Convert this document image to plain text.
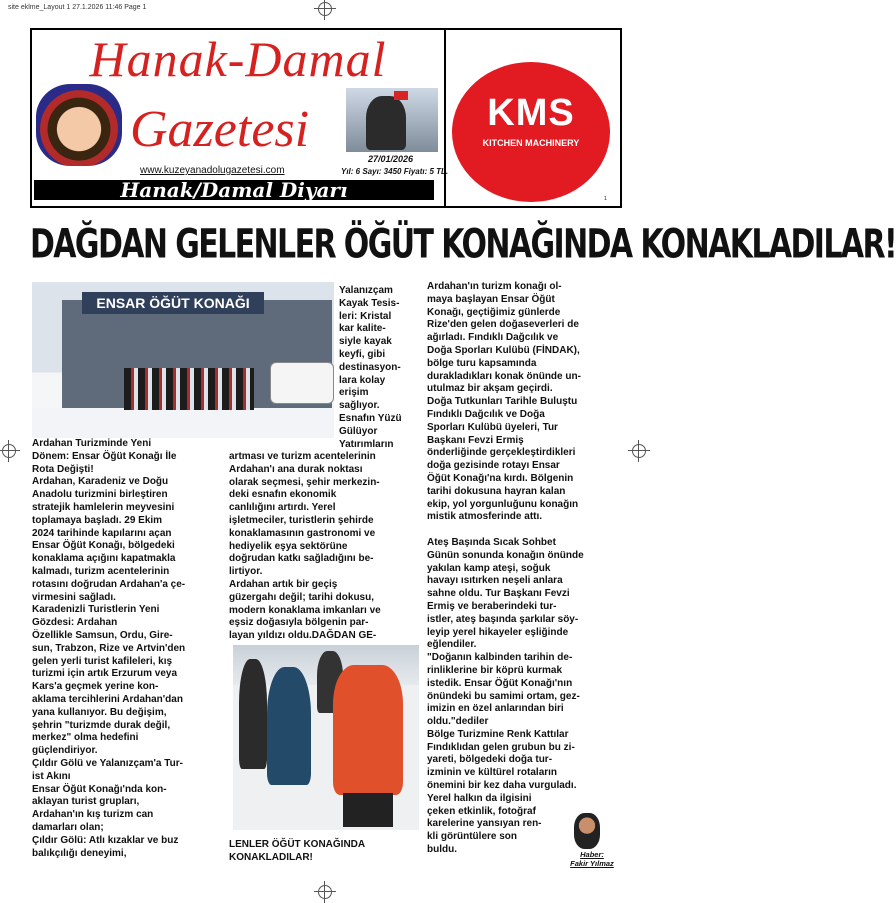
site eklme_Layout 1 27.1.2026 11:46 Page 1
Hanak-Damal
Gazetesi
27/01/2026
www.kuzeyanadolugazetesi.com	Yıl: 6 Sayı: 3450 Fiyatı: 5 TL.
Hanak/Damal Diyarı
KMS
KITCHEN MACHINERY
1
DAĞDAN GELENLER ÖĞÜT KONAĞINDA KONAKLADILAR!
ENSAR ÖĞÜT KONAĞI
Ardahan Turizminde Yeni
Dönem: Ensar Öğüt Konağı İle
Rota Değişti!
Ardahan, Karadeniz ve Doğu
Anadolu turizmini birleştiren
stratejik hamlelerin meyvesini
toplamaya başladı. 29 Ekim
2024 tarihinde kapılarını açan
Ensar Öğüt Konağı, bölgedeki
konaklama açığını kapatmakla
kalmadı, turizm acentelerinin
rotasını doğrudan Ardahan'a çe-
virmesini sağladı.
Karadenizli Turistlerin Yeni
Gözdesi: Ardahan
Özellikle Samsun, Ordu, Gire-
sun, Trabzon, Rize ve Artvin'den
gelen yerli turist kafileleri, kış
turizmi için artık Erzurum veya
Kars'a geçmek yerine kon-
aklama tercihlerini Ardahan'dan
yana kullanıyor. Bu değişim,
şehrin "turizmde durak değil,
merkez" olma hedefini
güçlendiriyor.
Çıldır Gölü ve Yalanızçam'a Tur-
ist Akını
Ensar Öğüt Konağı'nda kon-
aklayan turist grupları,
Ardahan'ın kış turizm can
damarları olan;
Çıldır Gölü: Atlı kızaklar ve buz
balıkçılığı deneyimi,
Yalanızçam
Kayak Tesis-
leri: Kristal
kar kalite-
siyle kayak
keyfi, gibi
destinasyon-
lara kolay
erişim
sağlıyor.
Esnafın Yüzü
Gülüyor
Yatırımların
artması ve turizm acentelerinin
Ardahan'ı ana durak noktası
olarak seçmesi, şehir merkezin-
deki esnafın ekonomik
canlılığını artırdı. Yerel
işletmeciler, turistlerin şehirde
konaklamasının gastronomi ve
hediyelik eşya sektörüne
doğrudan katkı sağladığını be-
lirtiyor.
Ardahan artık bir geçiş
güzergahı değil; tarihi dokusu,
modern konaklama imkanları ve
eşsiz doğasıyla bölgenin par-
layan yıldızı oldu.DAĞDAN GE-
LENLER ÖĞÜT KONAĞINDA
KONAKLADILAR!
Ardahan'ın turizm konağı ol-
maya başlayan Ensar Öğüt
Konağı, geçtiğimiz günlerde
Rize'den gelen doğaseverleri de
ağırladı. Fındıklı Dağcılık ve
Doğa Sporları Kulübü (FİNDAK),
bölge turu kapsamında
durakladıkları konak önünde un-
utulmaz bir akşam geçirdi.
Doğa Tutkunları Tarihle Buluştu
Fındıklı Dağcılık ve Doğa
Sporları Kulübü üyeleri, Tur
Başkanı Fevzi Ermiş
önderliğinde gerçekleştirdikleri
doğa gezisinde rotayı Ensar
Öğüt Konağı'na kırdı. Bölgenin
tarihi dokusuna hayran kalan
ekip, yol yorgunluğunu konağın
mistik atmosferinde attı.

Ateş Başında Sıcak Sohbet
Günün sonunda konağın önünde
yakılan kamp ateşi, soğuk
havayı ısıtırken neşeli anlara
sahne oldu. Tur Başkanı Fevzi
Ermiş ve beraberindeki tur-
istler, ateş başında şarkılar söy-
leyip yerel hikayeler eşliğinde
eğlendiler.
"Doğanın kalbinden tarihin de-
rinliklerine bir köprü kurmak
istedik. Ensar Öğüt Konağı'nın
önündeki bu samimi ortam, gez-
imizin en özel anlarından biri
oldu."dediler
Bölge Turizmine Renk Kattılar
Fındıklıdan gelen grubun bu zi-
yareti, bölgedeki doğa tur-
izminin ve kültürel rotaların
önemini bir kez daha vurguladı.
Yerel halkın da ilgisini
çeken etkinlik, fotoğraf
karelerine yansıyan ren-
kli görüntülere son
buldu.	Haber:
Fakir Yılmaz
